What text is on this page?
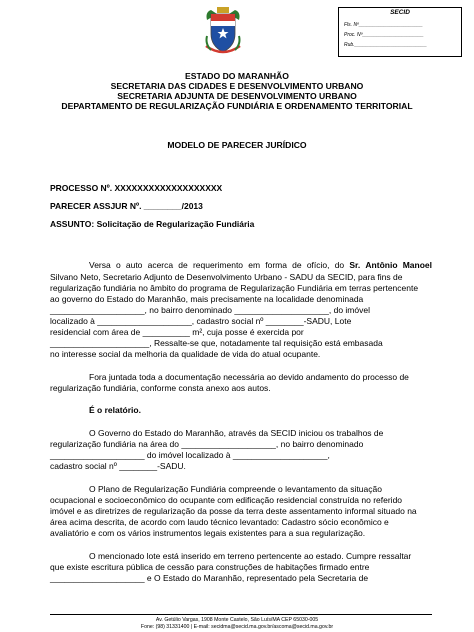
SECID
Fls. Nº_______________________
Proc. Nº______________________
Rub.__________________________
ESTADO DO MARANHÃO
SECRETARIA DAS CIDADES E DESENVOLVIMENTO URBANO
SECRETARIA ADJUNTA DE DESENVOLVIMENTO URBANO
DEPARTAMENTO DE REGULARIZAÇÃO FUNDIÁRIA E ORDENAMENTO TERRITORIAL
MODELO DE PARECER JURÍDICO
PROCESSO Nº. XXXXXXXXXXXXXXXXXXX
PARECER ASSJUR Nº. ________/2013
ASSUNTO: Solicitação de Regularização Fundiária
Versa o auto acerca de requerimento em forma de ofício, do Sr. Antônio Manoel
Silvano Neto, Secretario Adjunto de Desenvolvimento Urbano - SADU da SECID, para fins de
regularização fundiária no âmbito do programa de Regularização Fundiária em terras pertencente
ao governo do Estado do Maranhão, mais precisamente na localidade denominada
____________________, no bairro denominado ____________________, do imóvel
localizado à ____________________, cadastro social nº ________-SADU, Lote
residencial com área de __________ m², cuja posse é exercida por
_____________________, Ressalte-se que, notadamente tal requisição está embasada
no interesse social da melhoria da qualidade de vida do atual ocupante.
Fora juntada toda a documentação necessária ao devido andamento do processo de
regularização fundiária, conforme consta anexo aos autos.
É o relatório.
O Governo do Estado do Maranhão, através da SECID iniciou os trabalhos de
regularização fundiária na área do ____________________, no bairro denominado
____________________ do imóvel localizado à ____________________,
cadastro social nº ________-SADU.
O Plano de Regularização Fundiária compreende o levantamento da situação
ocupacional e socioeconômico do ocupante com edificação residencial construída no referido
imóvel e as diretrizes de regularização da posse da terra deste assentamento informal situado na
área acima descrita, de acordo com laudo técnico levantado: Cadastro sócio econômico e
avaliatório e com os vários instrumentos legais existentes para a sua regularização.
O mencionado lote está inserido em terreno pertencente ao estado. Cumpre ressaltar
que existe escritura pública de cessão para construções de habitações firmado entre
____________________ e O Estado do Maranhão, representado pela Secretaria de
Av. Getúlio Vargas, 1908 Monte Castelo, São Luís/MA CEP 65030-005
Fone: (98) 31331400 | E-mail: secidma@secid.ma.gov.br/ascoma@secid.ma.gov.br
